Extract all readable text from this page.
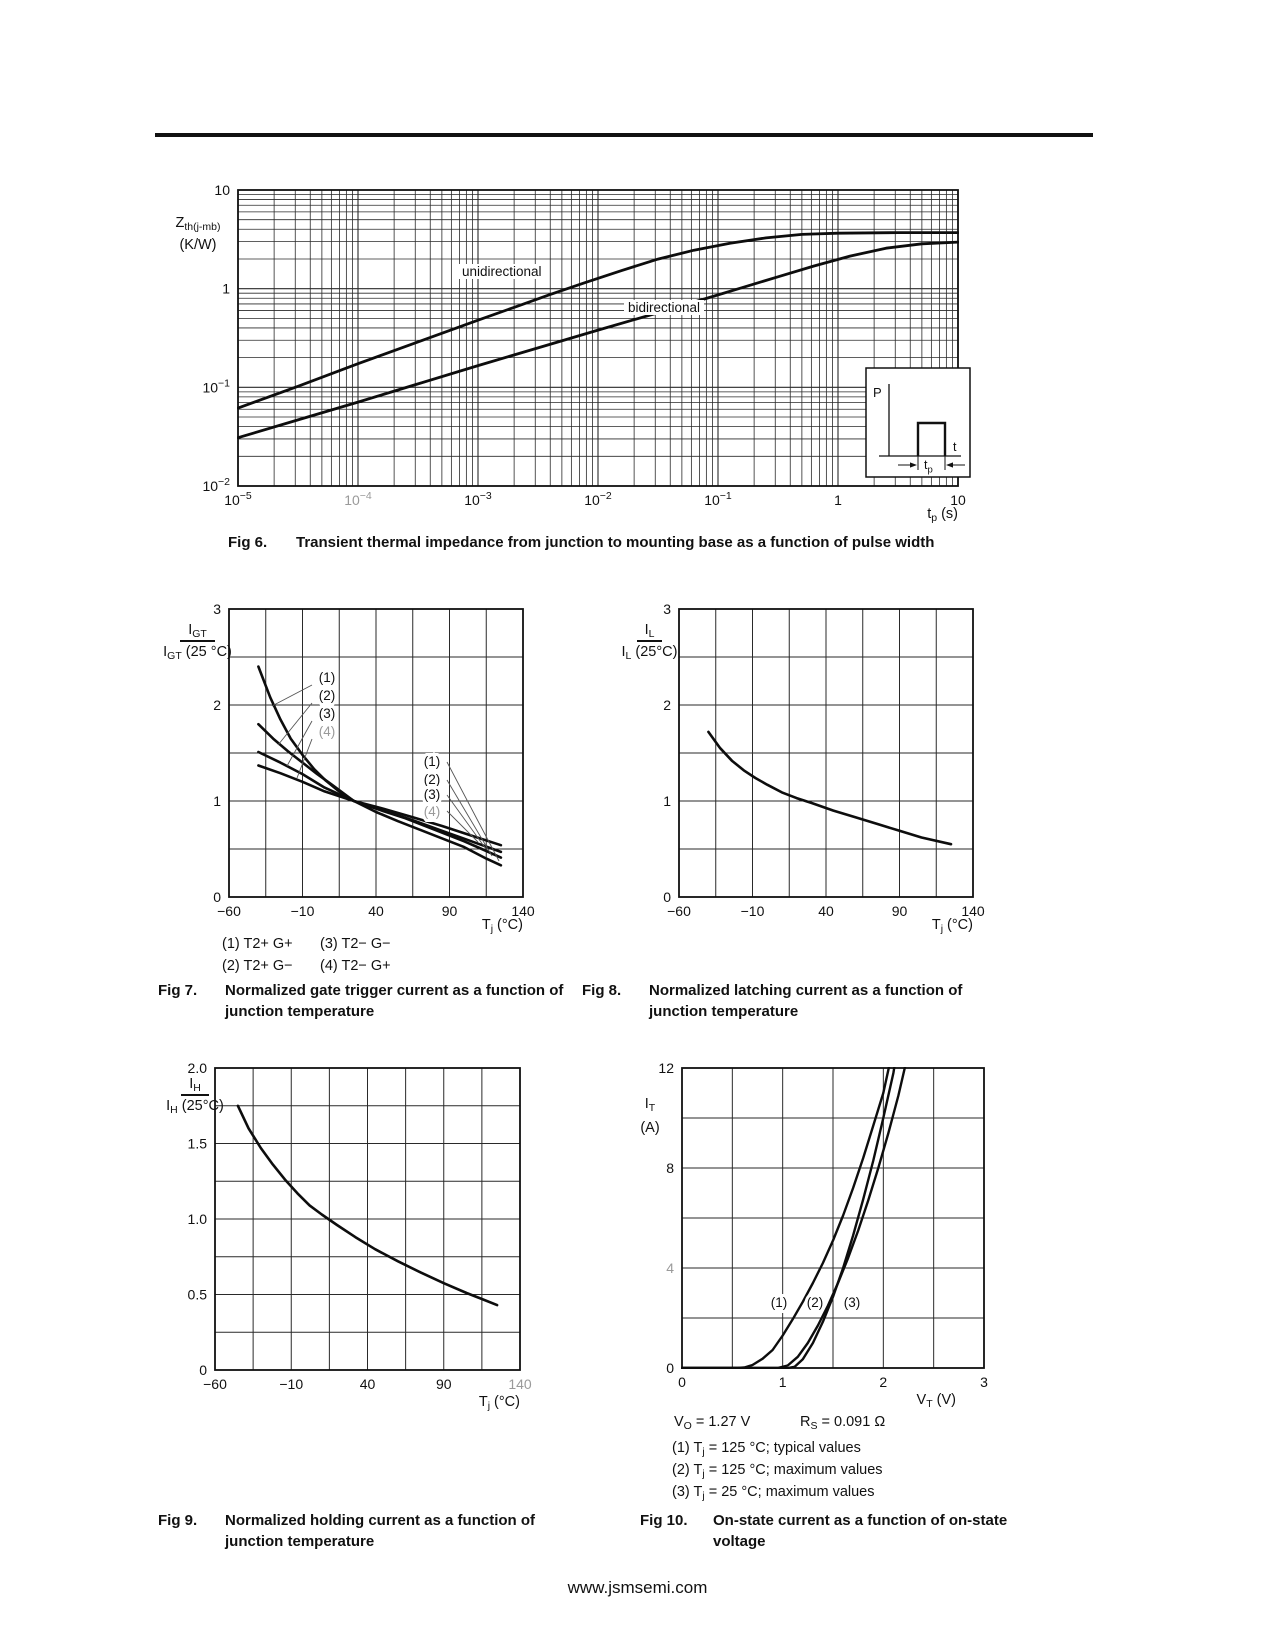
$10^{-5}$	$10^{-4}$	$10^{-3}$	$10^{-2}$	$10^{-1}$	1	10
10
1
$10^{-1}$
$10^{-2}$
−60	−10	40	90	140
0
1
2
3
(1)
(2)
(3)
(4)
(1)
(2)
(3)
(4)
−60	−10	40	90	140
0
1
2
3
−60	−10	40	90	140
0
0.5
1.0
1.5
2.0
0	1	2	3
0
4
8
12
(1) (2) (3)
P
$t_p$
t
$Z_{th(j-mb)}$
(K/W)
$t_p$ (s)
unidirectional
bidirectional
Fig 6. Transient thermal impedance from junction to mounting base as a function of pulse width
$I_{GT}$
$I_{GT}$ (25 °C)
$T_j$ (°C)
(1) T2+ G+ (3) T2− G−
(2) T2+ G− (4) T2− G+
Fig 7. Normalized gate trigger current as a function of junction temperature
$\frac{I_L}{I_L (25^\circ C)}$
$T_j$ (°C)
Fig 8. Normalized latching current as a function of junction temperature
$\frac{I_H}{I_H (25^\circ C)}$
$T_j$ (°C)
Fig 9. Normalized holding current as a function of junction temperature
$I_T$
(A)
$V_T$ (V)
$V_O = 1.27$ V	$R_S = 0.091$ Ω
(1) $T_j = 125$ °C; typical values
(2) $T_j = 125$ °C; maximum values
(3) $T_j = 25$ °C; maximum values
Fig 10. On-state current as a function of on-state voltage
www.jsmsemi.com
